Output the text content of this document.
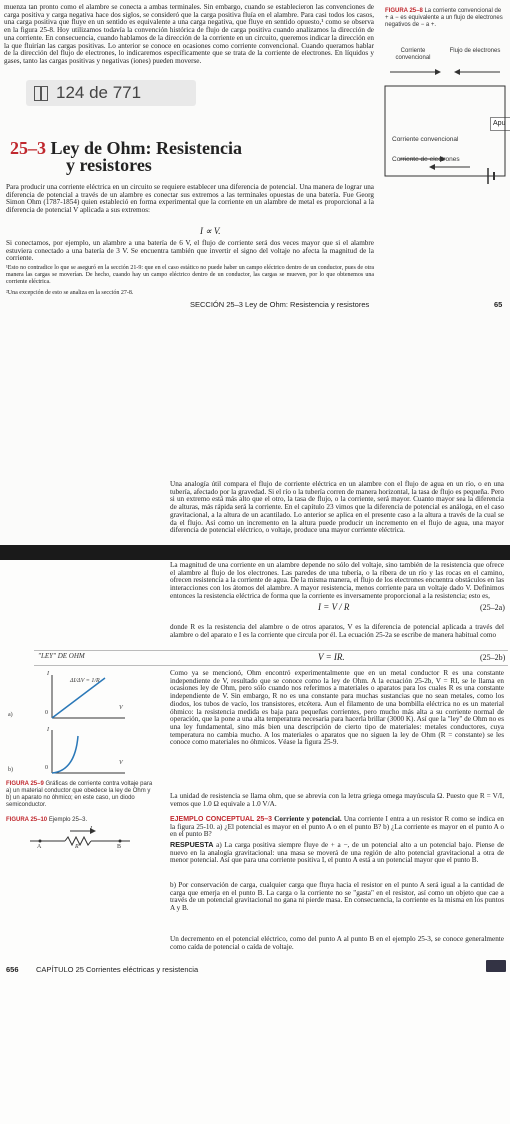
muenza tan pronto como el alambre se conecta a ambas terminales. Sin embargo, cuando se establecieron las convenciones de carga positiva y carga negativa hace dos siglos, se consideró que la carga positiva fluía en el alambre. Para casi todos los casos, una carga positiva que fluye en un sentido es equivalente a una carga negativa, que fluye en sentido opuesto,¹ como se observa en la figura 25-8. Hoy utilizamos todavía la convención histórica de flujo de carga positiva cuando analizamos la dirección de una corriente. En consecuencia, cuando hablamos de la dirección de la corriente en un circuito, queremos indicar la dirección en la que fluirían las cargas positivas. Lo anterior se conoce en ocasiones como corriente convencional. Cuando queramos hablar de la dirección del flujo de electrones, lo indicaremos específicamente que se trata de la corriente de electrones. En líquidos y gases, tanto las cargas positivas y negativas (iones) pueden moverse.
124 de 771
Apu
FIGURA 25–8 La corriente convencional de + a − es equivalente a un flujo de electrones negativos de − a +.
Corriente convencional
Flujo de electrones
Corriente convencional
Corriente de electrones
25–3 Ley de Ohm: Resistencia
y resistores
Para producir una corriente eléctrica en un circuito se requiere establecer una diferencia de potencial. Una manera de lograr una diferencia de potencial a través de un alambre es conectar sus extremos a las terminales opuestas de una batería. Fue Georg Simon Ohm (1787-1854) quien estableció en forma experimental que la corriente en un alambre de metal es proporcional a la diferencia de potencial V aplicada a sus extremos:
I ∝ V.
Si conectamos, por ejemplo, un alambre a una batería de 6 V, el flujo de corriente será dos veces mayor que si el alambre estuviera conectado a una batería de 3 V. Se encuentra también que invertir el signo del voltaje no afecta la magnitud de la corriente.
¹Esto no contradice lo que se aseguró en la sección 21-9: que en el caso estático no puede haber un campo eléctrico dentro de un conductor, pues de otra manera las cargas se moverían. De hecho, cuando hay un campo eléctrico dentro de un conductor, las cargas se mueven, por lo que obtenemos una corriente eléctrica.
²Una excepción de esto se analiza en la sección 27-8.
SECCIÓN 25–3 Ley de Ohm: Resistencia y resistores	65
Una analogía útil compara el flujo de corriente eléctrica en un alambre con el flujo de agua en un río, o en una tubería, afectado por la gravedad. Si el río o la tubería corren de manera horizontal, la tasa de flujo es pequeña. Pero si un extremo está más alto que el otro, la tasa de flujo, o la corriente, será mayor. Cuanto mayor sea la diferencia de alturas, más rápida será la corriente. En el capítulo 23 vimos que la diferencia de potencial es análoga, en el caso gravitacional, a la altura de un acantilado. Lo anterior se aplica en el presente caso a la altura a través de la cual se da el flujo. Así como un incremento en la altura puede producir un incremento en el flujo de agua, una mayor diferencia de potencial eléctrico, o voltaje, produce una mayor corriente eléctrica.
La magnitud de una corriente en un alambre depende no sólo del voltaje, sino también de la resistencia que ofrece el alambre al flujo de los electrones. Las paredes de una tubería, o la ribera de un río y las rocas en el camino, ofrecen resistencia a la corriente de agua. De la misma manera, el flujo de los electrones encuentra obstáculos en las interacciones con los átomos del alambre. A mayor resistencia, menos corriente para un voltaje dado V. Definimos entonces la resistencia eléctrica de forma que la corriente es inversamente proporcional a la resistencia; esto es,
I = V / R	(25–2a)
donde R es la resistencia del alambre o de otros aparatos, V es la diferencia de potencial aplicada a través del alambre o del aparato e I es la corriente que circula por él. La ecuación 25-2a se escribe de manera habitual como
"LEY" DE OHM	V = IR.	(25–2b)
Como ya se mencionó, Ohm encontró experimentalmente que en un metal conductor R es una constante independiente de V, resultado que se conoce como la ley de Ohm. A la ecuación 25-2b, V = RI, se le llama en ocasiones ley de Ohm, pero sólo cuando nos referimos a materiales o aparatos para los cuales R es una constante independiente de V. Sin embargo, R no es una constante para muchas sustancias que no sean metales, como los diodos, los tubos de vacío, los transistores, etcétera. Aun el filamento de una bombilla eléctrica no es un material óhmico: la resistencia medida es baja para pequeñas corrientes, pero mucho más alta a su corriente normal de operación, que la pone a una alta temperatura necesaria para hacerla brillar (3000 K). Así que la "ley" de Ohm no es una ley fundamental, sino más bien una descripción de cierto tipo de materiales: metales conductores, cuya temperatura no cambia mucho. A los materiales o aparatos que no siguen la ley de Ohm (R = constante) se les conoce como materiales no óhmicos. Véase la figura 25-9.
La unidad de resistencia se llama ohm, que se abrevia con la letra griega omega mayúscula Ω. Puesto que R = V/I, vemos que 1.0 Ω equivale a 1.0 V/A.
I
ΔI/ΔV = 1/R
V
0
a)
I
V
0
b)
FIGURA 25–9 Gráficas de corriente contra voltaje para a) un material conductor que obedece la ley de Ohm y b) un aparato no óhmico; en este caso, un diodo semiconductor.
FIGURA 25–10 Ejemplo 25–3.
I
A	R	B
EJEMPLO CONCEPTUAL 25–3 Corriente y potencial. Una corriente I entra a un resistor R como se indica en la figura 25-10. a) ¿El potencial es mayor en el punto A o en el punto B? b) ¿La corriente es mayor en el punto A o en el punto B?
RESPUESTA a) La carga positiva siempre fluye de + a −, de un potencial alto a un potencial bajo. Piense de nuevo en la analogía gravitacional: una masa se moverá de una región de alto potencial gravitacional a otra de menor potencial. Así que para una corriente positiva I, el punto A está a un potencial mayor que el punto B.
b) Por conservación de carga, cualquier carga que fluya hacia el resistor en el punto A será igual a la cantidad de carga que emerja en el punto B. La carga o la corriente no se "gasta" en el resistor, así como un objeto que cae a través de un potencial gravitacional no gana ni pierde masa. En consecuencia, la corriente es la misma en los puntos A y B.
Un decremento en el potencial eléctrico, como del punto A al punto B en el ejemplo 25-3, se conoce generalmente como caída de potencial o caída de voltaje.
656 CAPÍTULO 25 Corrientes eléctricas y resistencia
